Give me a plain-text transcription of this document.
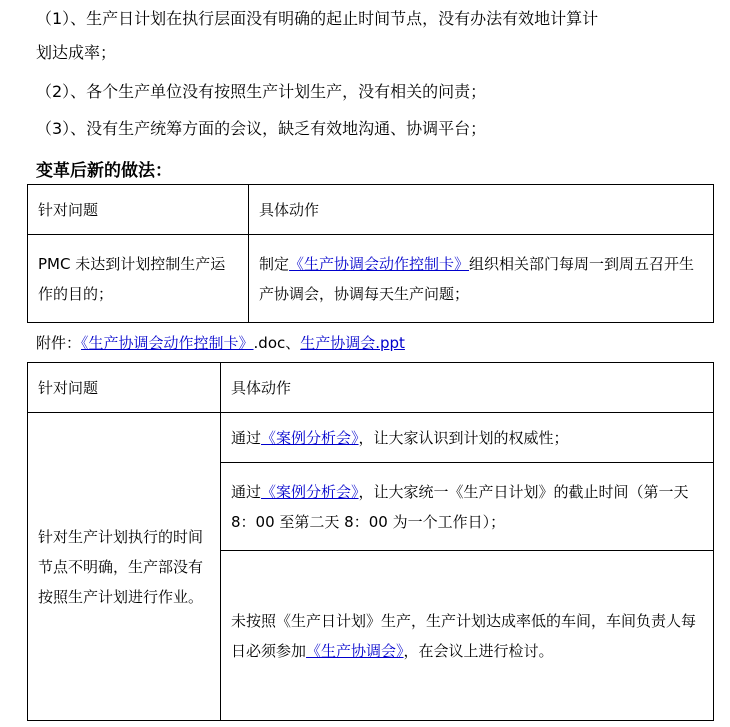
（1）、生产日计划在执行层面没有明确的起止时间节点，没有办法有效地计算计
划达成率；
（2）、各个生产单位没有按照生产计划生产，没有相关的问责；
（3）、没有生产统筹方面的会议，缺乏有效地沟通、协调平台；
变革后新的做法：
针对问题	具体动作
PMC 未达到计划控制生产运作的目的；	制定《生产协调会动作控制卡》组织相关部门每周一到周五召开生产协调会，协调每天生产问题；
附件：《生产协调会动作控制卡》.doc、生产协调会.ppt
针对问题	具体动作
针对生产计划执行的时间节点不明确，生产部没有按照生产计划进行作业。	通过《案例分析会》，让大家认识到计划的权威性；
	通过《案例分析会》，让大家统一《生产日计划》的截止时间（第一天 8：00 至第二天 8：00 为一个工作日）；
	未按照《生产日计划》生产，生产计划达成率低的车间，车间负责人每日必须参加《生产协调会》，在会议上进行检讨。
